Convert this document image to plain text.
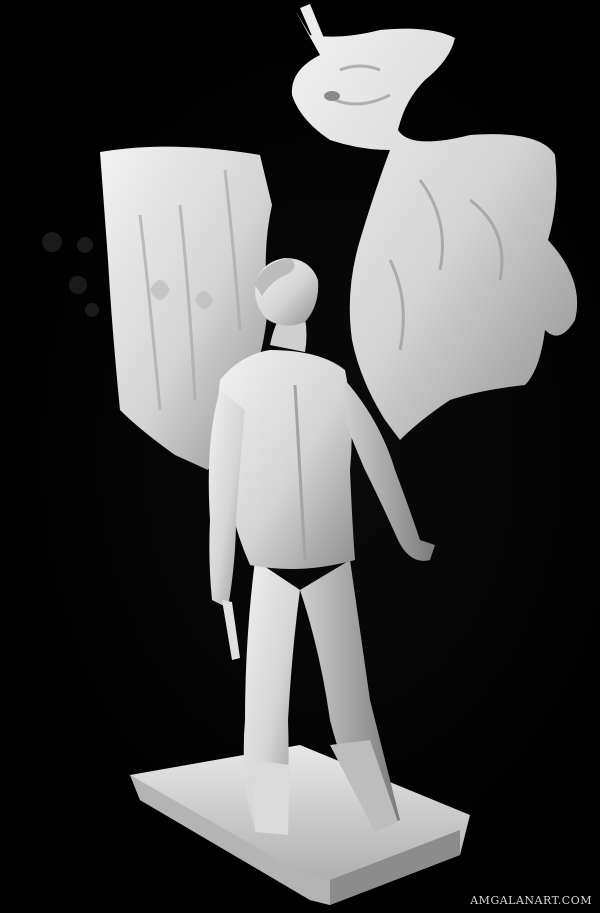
AMGALANART.COM
